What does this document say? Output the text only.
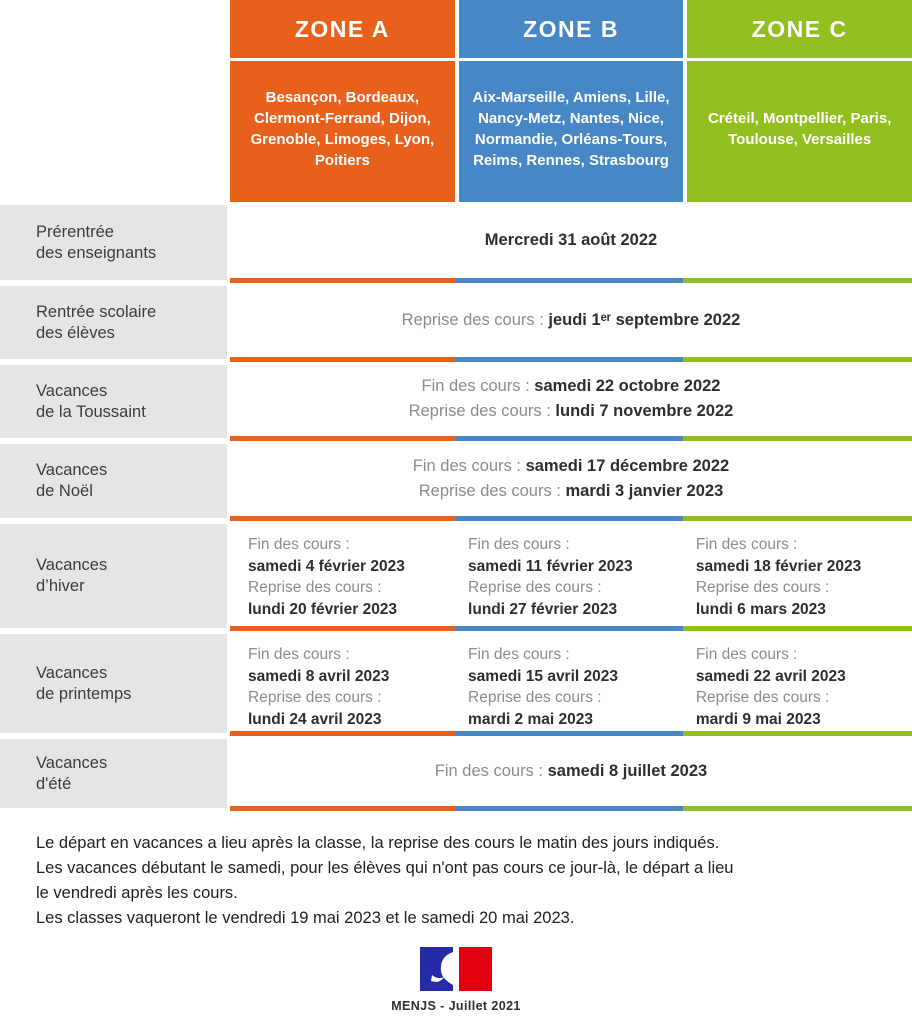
ZONE A
Besançon, Bordeaux, Clermont-Ferrand, Dijon, Grenoble, Limoges, Lyon, Poitiers
ZONE B
Aix-Marseille, Amiens, Lille, Nancy-Metz, Nantes, Nice, Normandie, Orléans-Tours, Reims, Rennes, Strasbourg
ZONE C
Créteil, Montpellier, Paris, Toulouse, Versailles
Prérentrée
des enseignants
Mercredi 31 août 2022
Rentrée scolaire
des élèves
Reprise des cours : jeudi 1ᵉʳ septembre 2022
Vacances
de la Toussaint
Fin des cours : samedi 22 octobre 2022
Reprise des cours : lundi 7 novembre 2022
Vacances
de Noël
Fin des cours : samedi 17 décembre 2022
Reprise des cours : mardi 3 janvier 2023
Vacances
d’hiver
Fin des cours :
samedi 4 février 2023
Reprise des cours :
lundi 20 février 2023
Fin des cours :
samedi 11 février 2023
Reprise des cours :
lundi 27 février 2023
Fin des cours :
samedi 18 février 2023
Reprise des cours :
lundi 6 mars 2023
Vacances
de printemps
Fin des cours :
samedi 8 avril 2023
Reprise des cours :
lundi 24 avril 2023
Fin des cours :
samedi 15 avril 2023
Reprise des cours :
mardi 2 mai 2023
Fin des cours :
samedi 22 avril 2023
Reprise des cours :
mardi 9 mai 2023
Vacances
d'été
Fin des cours : samedi 8 juillet 2023
Le départ en vacances a lieu après la classe, la reprise des cours le matin des jours indiqués.
Les vacances débutant le samedi, pour les élèves qui n'ont pas cours ce jour-là, le départ a lieu
le vendredi après les cours.
Les classes vaqueront le vendredi 19 mai 2023 et le samedi 20 mai 2023.
MENJS - Juillet 2021
